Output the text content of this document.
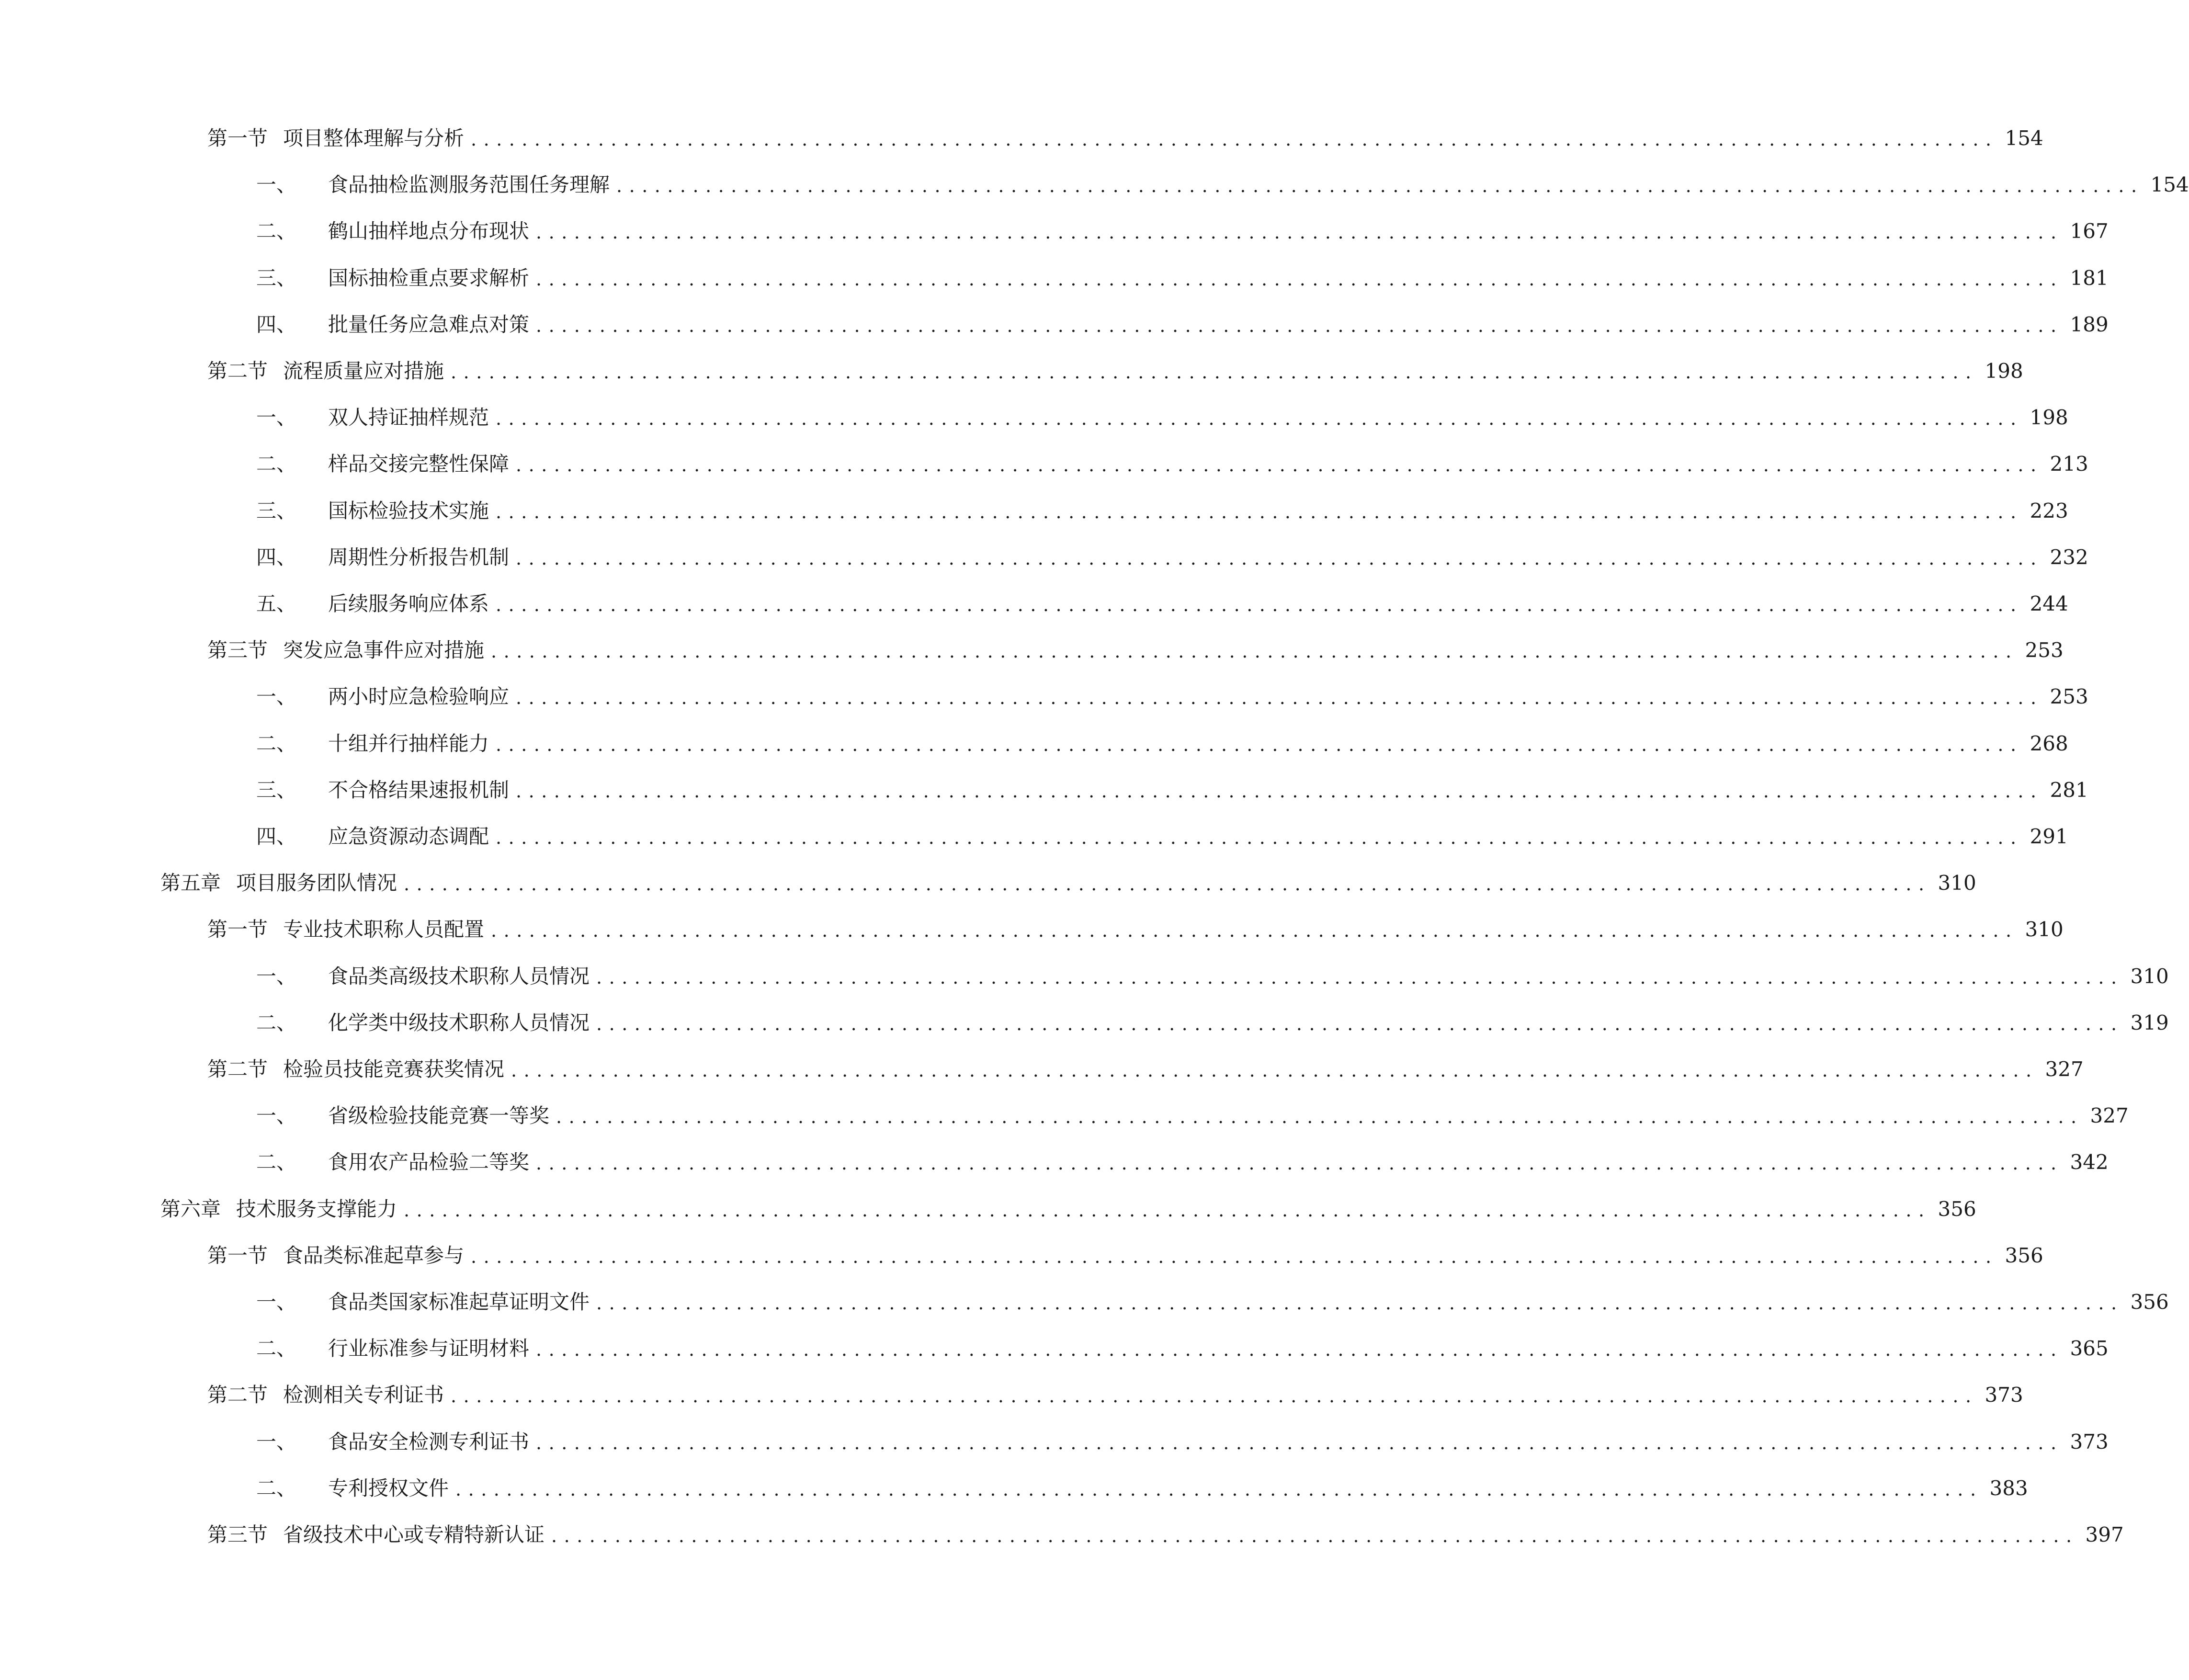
第一节 项目整体理解与分析 ........................................................................................................................ 154
一、 食品抽检监测服务范围任务理解 ........................................................................................................................ 154
二、 鹤山抽样地点分布现状 ........................................................................................................................ 167
三、 国标抽检重点要求解析 ........................................................................................................................ 181
四、 批量任务应急难点对策 ........................................................................................................................ 189
第二节 流程质量应对措施 ........................................................................................................................ 198
一、 双人持证抽样规范 ........................................................................................................................ 198
二、 样品交接完整性保障 ........................................................................................................................ 213
三、 国标检验技术实施 ........................................................................................................................ 223
四、 周期性分析报告机制 ........................................................................................................................ 232
五、 后续服务响应体系 ........................................................................................................................ 244
第三节 突发应急事件应对措施 ........................................................................................................................ 253
一、 两小时应急检验响应 ........................................................................................................................ 253
二、 十组并行抽样能力 ........................................................................................................................ 268
三、 不合格结果速报机制 ........................................................................................................................ 281
四、 应急资源动态调配 ........................................................................................................................ 291
第五章 项目服务团队情况 ........................................................................................................................ 310
第一节 专业技术职称人员配置 ........................................................................................................................ 310
一、 食品类高级技术职称人员情况 ........................................................................................................................ 310
二、 化学类中级技术职称人员情况 ........................................................................................................................ 319
第二节 检验员技能竞赛获奖情况 ........................................................................................................................ 327
一、 省级检验技能竞赛一等奖 ........................................................................................................................ 327
二、 食用农产品检验二等奖 ........................................................................................................................ 342
第六章 技术服务支撑能力 ........................................................................................................................ 356
第一节 食品类标准起草参与 ........................................................................................................................ 356
一、 食品类国家标准起草证明文件 ........................................................................................................................ 356
二、 行业标准参与证明材料 ........................................................................................................................ 365
第二节 检测相关专利证书 ........................................................................................................................ 373
一、 食品安全检测专利证书 ........................................................................................................................ 373
二、 专利授权文件 ........................................................................................................................ 383
第三节 省级技术中心或专精特新认证 ........................................................................................................................ 397
